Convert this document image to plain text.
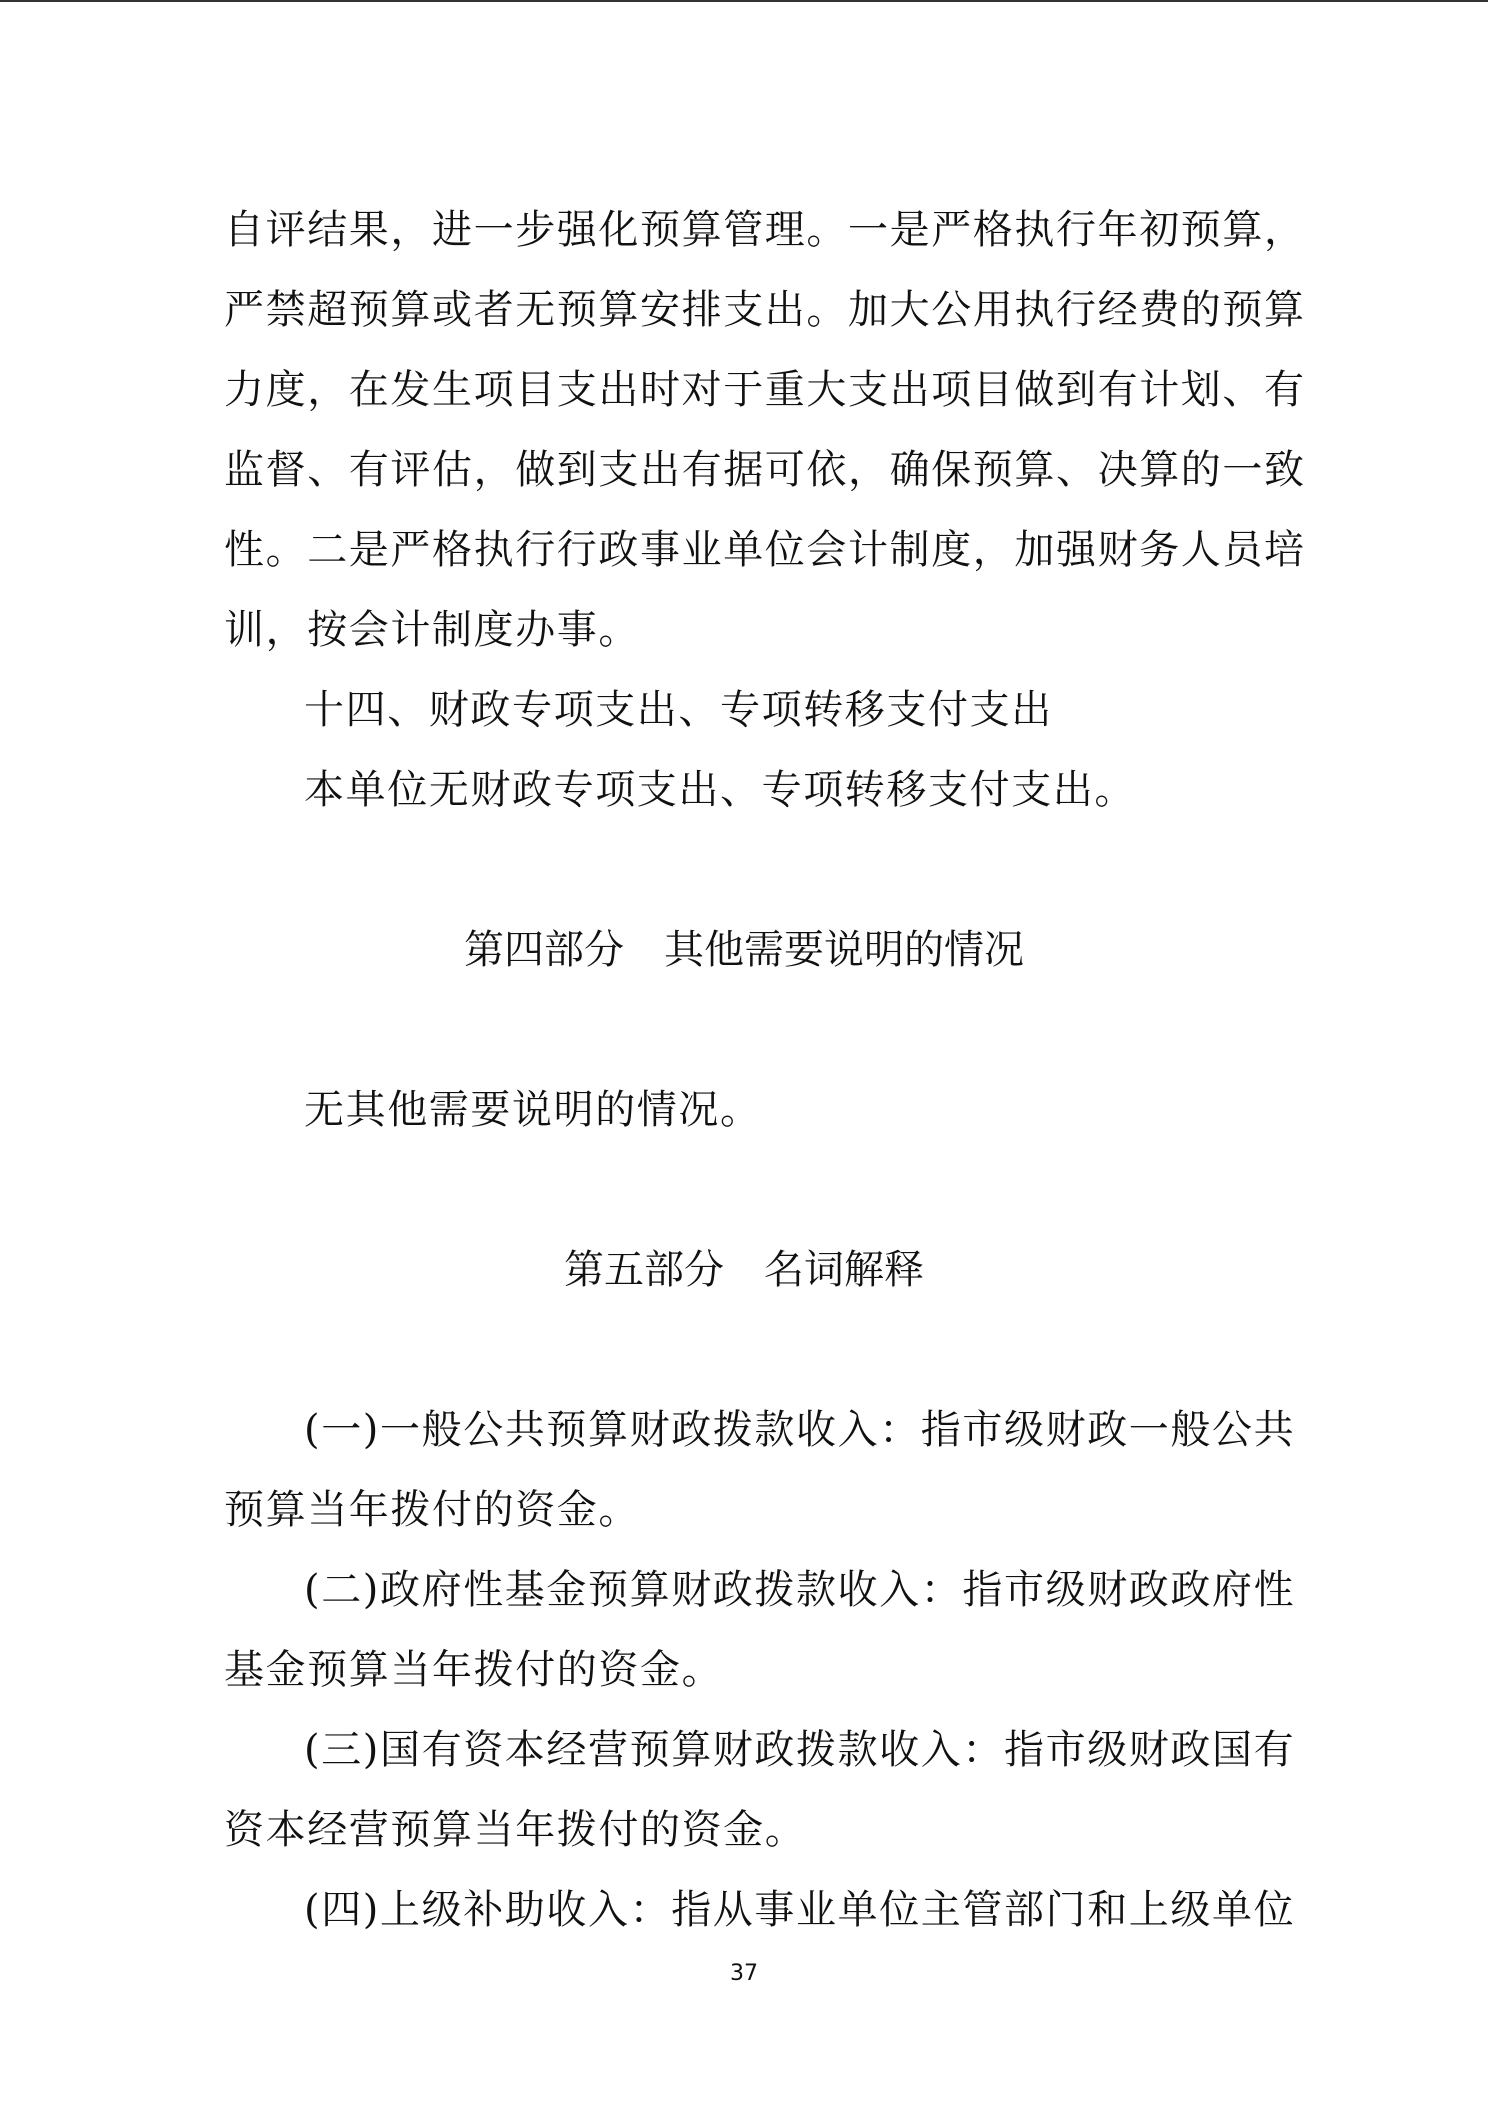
自评结果，进一步强化预算管理。一是严格执行年初预算，
严禁超预算或者无预算安排支出。加大公用执行经费的预算
力度，在发生项目支出时对于重大支出项目做到有计划、有
监督、有评估，做到支出有据可依，确保预算、决算的一致
性。二是严格执行行政事业单位会计制度，加强财务人员培
训，按会计制度办事。
十四、财政专项支出、专项转移支付支出
本单位无财政专项支出、专项转移支付支出。
第四部分　其他需要说明的情况
无其他需要说明的情况。
第五部分　名词解释
(一)一般公共预算财政拨款收入：指市级财政一般公共
预算当年拨付的资金。
(二)政府性基金预算财政拨款收入：指市级财政政府性
基金预算当年拨付的资金。
(三)国有资本经营预算财政拨款收入：指市级财政国有
资本经营预算当年拨付的资金。
(四)上级补助收入：指从事业单位主管部门和上级单位
37
